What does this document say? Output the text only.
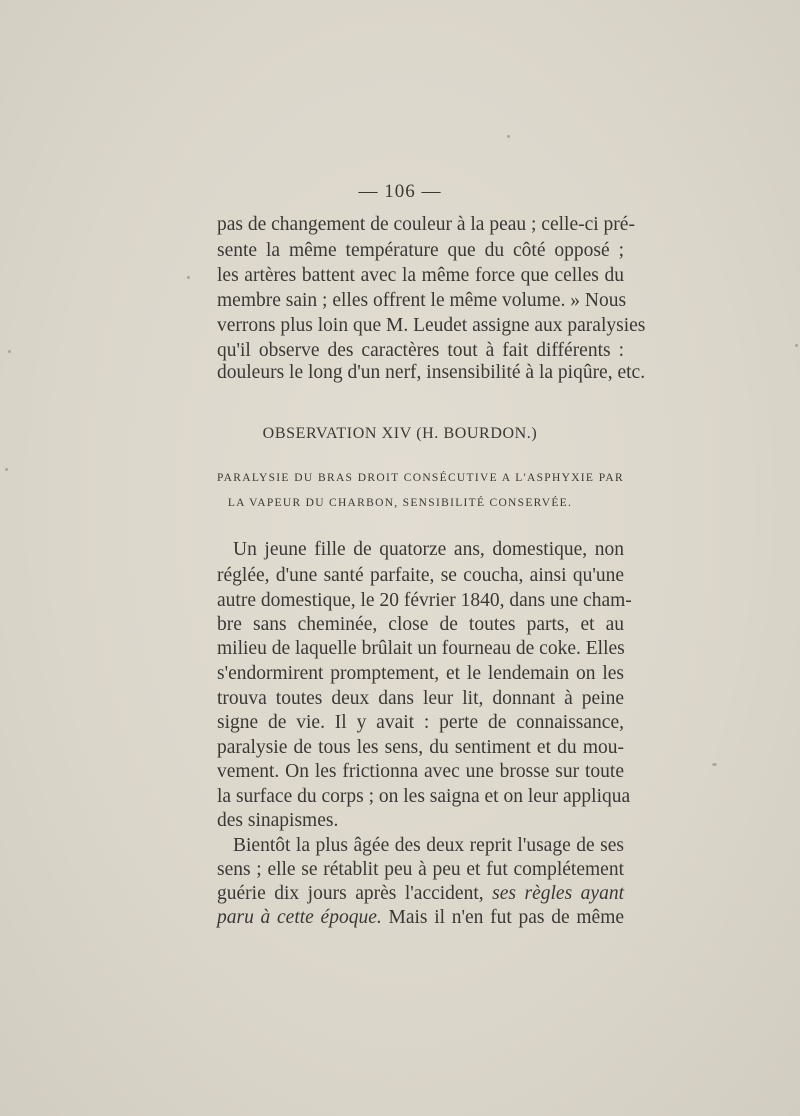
— 106 —
pas de changement de couleur à la peau ; celle-ci pré-
sente la même température que du côté opposé ;
les artères battent avec la même force que celles du
membre sain ; elles offrent le même volume. » Nous
verrons plus loin que M. Leudet assigne aux paralysies
qu'il observe des caractères tout à fait différents :
douleurs le long d'un nerf, insensibilité à la piqûre, etc.
OBSERVATION XIV (H. BOURDON.)
PARALYSIE DU BRAS DROIT CONSÉCUTIVE A L'ASPHYXIE PAR
LA VAPEUR DU CHARBON, SENSIBILITÉ CONSERVÉE.
Un jeune fille de quatorze ans, domestique, non
réglée, d'une santé parfaite, se coucha, ainsi qu'une
autre domestique, le 20 février 1840, dans une cham-
bre sans cheminée, close de toutes parts, et au
milieu de laquelle brûlait un fourneau de coke. Elles
s'endormirent promptement, et le lendemain on les
trouva toutes deux dans leur lit, donnant à peine
signe de vie. Il y avait : perte de connaissance,
paralysie de tous les sens, du sentiment et du mou-
vement. On les frictionna avec une brosse sur toute
la surface du corps ; on les saigna et on leur appliqua
des sinapismes.
Bientôt la plus âgée des deux reprit l'usage de ses
sens ; elle se rétablit peu à peu et fut complétement
guérie dix jours après l'accident, ses règles ayant
paru à cette époque. Mais il n'en fut pas de même
